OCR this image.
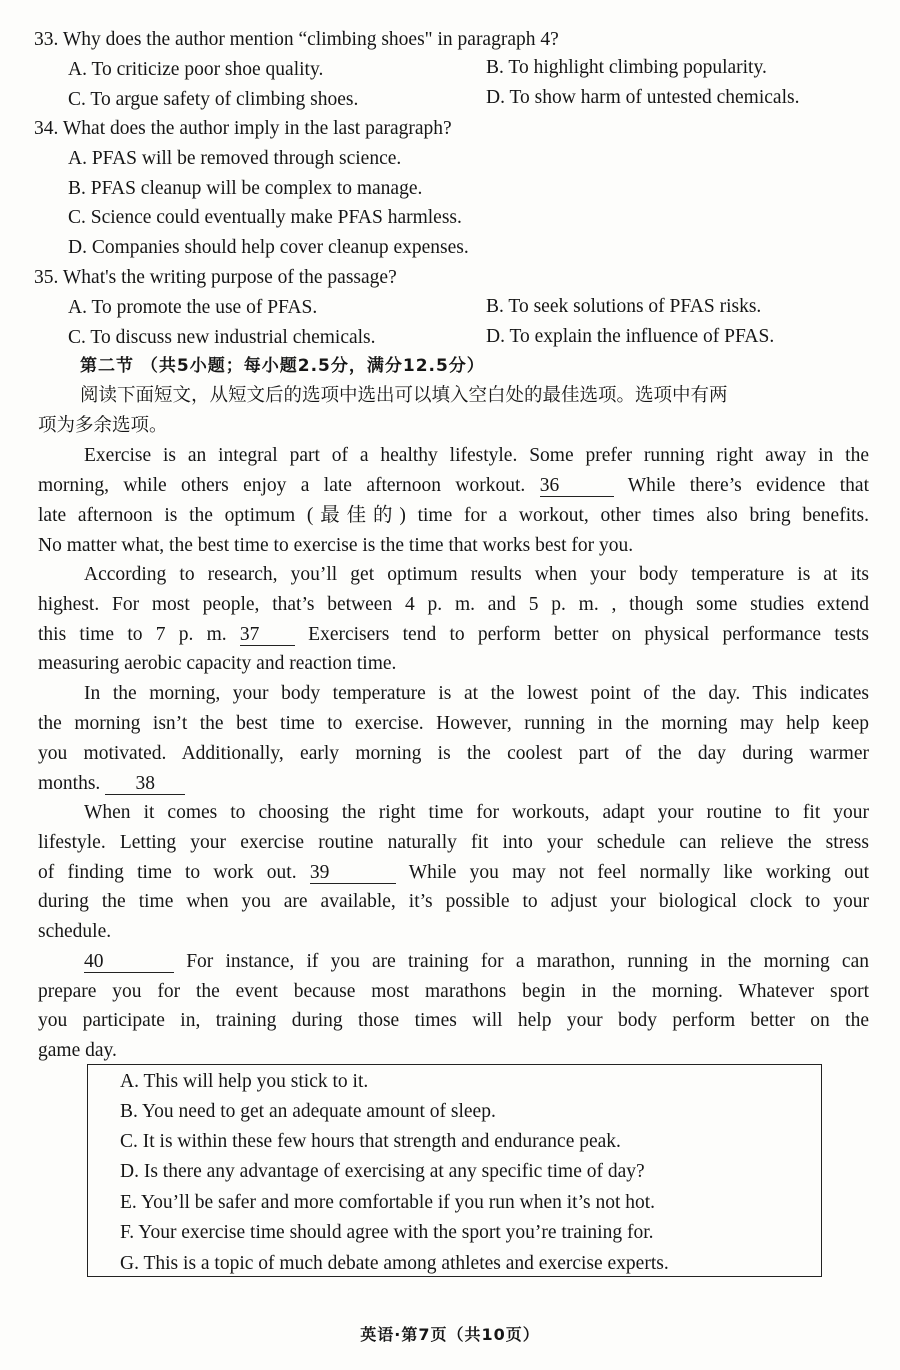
33. Why does the author mention “climbing shoes" in paragraph 4?
A. To criticize poor shoe quality.	B. To highlight climbing popularity.
C. To argue safety of climbing shoes.	D. To show harm of untested chemicals.
34. What does the author imply in the last paragraph?
A. PFAS will be removed through science.
B. PFAS cleanup will be complex to manage.
C. Science could eventually make PFAS harmless.
D. Companies should help cover cleanup expenses.
35. What's the writing purpose of the passage?
A. To promote the use of PFAS.	B. To seek solutions of PFAS risks.
C. To discuss new industrial chemicals.	D. To explain the influence of PFAS.
第二节 （共5小题；每小题2.5分，满分12.5分）
阅读下面短文，从短文后的选项中选出可以填入空白处的最佳选项。选项中有两
项为多余选项。
Exercise is an integral part of a healthy lifestyle. Some prefer running right away in the
morning, while others enjoy a late afternoon workout. 36	While there’s evidence that
late afternoon is the optimum (最佳的) time for a workout, other times also bring benefits.
No matter what, the best time to exercise is the time that works best for you.
According to research, you’ll get optimum results when your body temperature is at its
highest. For most people, that’s between 4 p. m. and 5 p. m. , though some studies extend
this time to 7 p. m. 37	Exercisers tend to perform better on physical performance tests
measuring aerobic capacity and reaction time.
In the morning, your body temperature is at the lowest point of the day. This indicates
the morning isn’t the best time to exercise. However, running in the morning may help keep
you motivated. Additionally, early morning is the coolest part of the day during warmer
months. 38
When it comes to choosing the right time for workouts, adapt your routine to fit your
lifestyle. Letting your exercise routine naturally fit into your schedule can relieve the stress
of finding time to work out. 39	While you may not feel normally like working out
during the time when you are available, it’s possible to adjust your biological clock to your
schedule.
40	For instance, if you are training for a marathon, running in the morning can
prepare you for the event because most marathons begin in the morning. Whatever sport
you participate in, training during those times will help your body perform better on the
game day.
A. This will help you stick to it.
B. You need to get an adequate amount of sleep.
C. It is within these few hours that strength and endurance peak.
D. Is there any advantage of exercising at any specific time of day?
E. You’ll be safer and more comfortable if you run when it’s not hot.
F. Your exercise time should agree with the sport you’re training for.
G. This is a topic of much debate among athletes and exercise experts.
英语·第7页（共10页）
